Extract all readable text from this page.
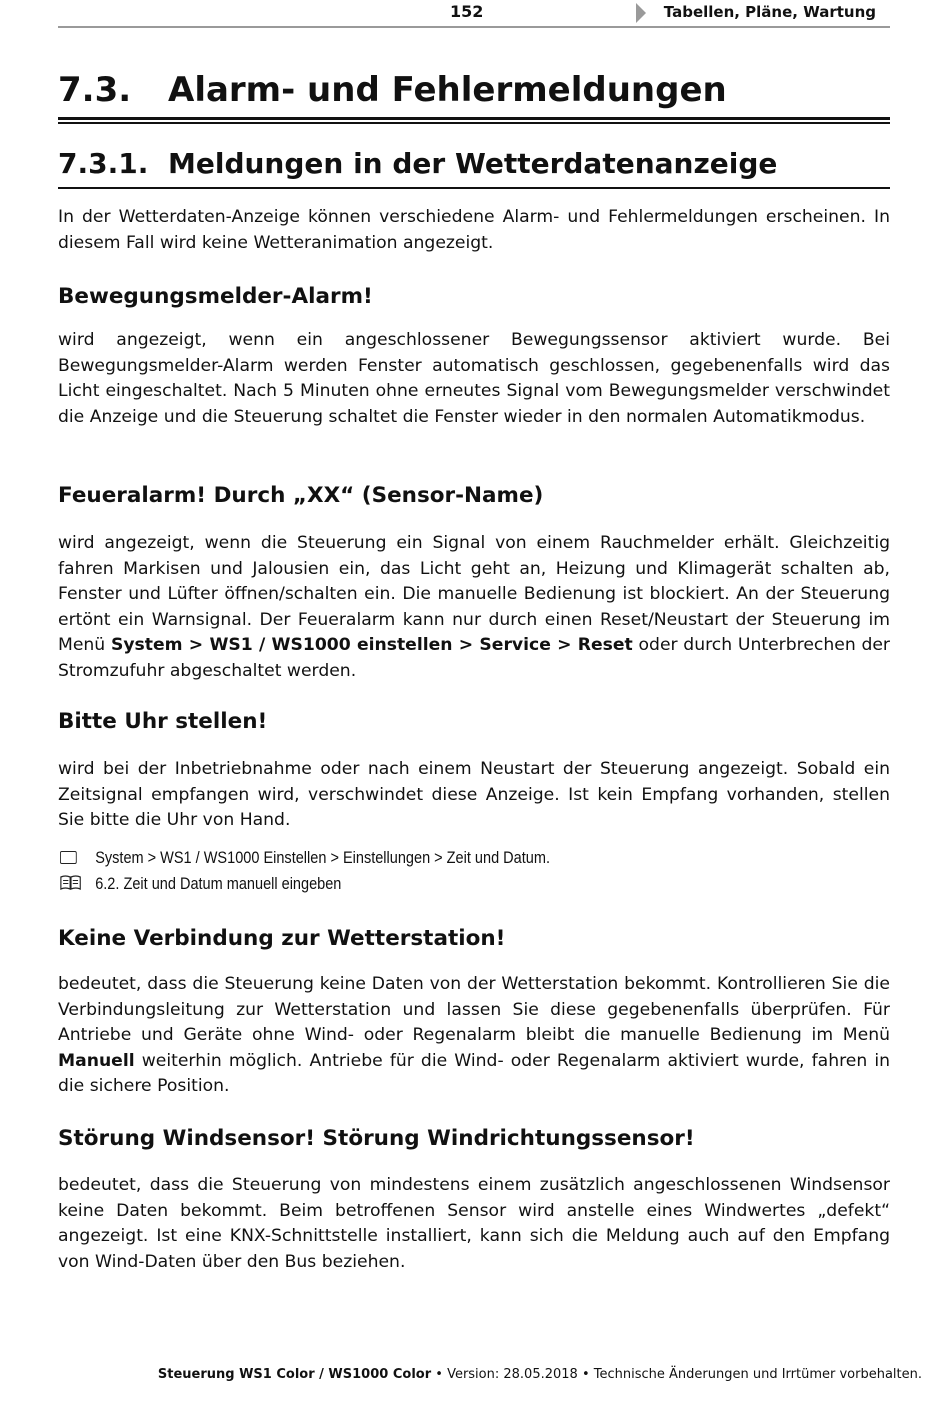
152	Tabellen, Pläne, Wartung
7.3. Alarm- und Fehlermeldungen
7.3.1. Meldungen in der Wetterdatenanzeige

In der Wetterdaten-Anzeige können verschiedene Alarm- und Fehlermeldungen erscheinen. In diesem Fall wird keine Wetteranimation angezeigt.

Bewegungsmelder-Alarm!

wird angezeigt, wenn ein angeschlossener Bewegungssensor aktiviert wurde. Bei Bewegungsmelder-Alarm werden Fenster automatisch geschlossen, gegebenenfalls wird das Licht eingeschaltet. Nach 5 Minuten ohne erneutes Signal vom Bewegungsmelder verschwindet die Anzeige und die Steuerung schaltet die Fenster wieder in den normalen Automatikmodus.

Feueralarm! Durch „XX“ (Sensor-Name)

wird angezeigt, wenn die Steuerung ein Signal von einem Rauchmelder erhält. Gleichzeitig fahren Markisen und Jalousien ein, das Licht geht an, Heizung und Klimagerät schalten ab, Fenster und Lüfter öffnen/schalten ein. Die manuelle Bedienung ist blockiert. An der Steuerung ertönt ein Warnsignal. Der Feueralarm kann nur durch einen Reset/Neustart der Steuerung im Menü System > WS1 / WS1000 einstellen > Service > Reset oder durch Unterbrechen der Stromzufuhr abgeschaltet werden.

Bitte Uhr stellen!

wird bei der Inbetriebnahme oder nach einem Neustart der Steuerung angezeigt. Sobald ein Zeitsignal empfangen wird, verschwindet diese Anzeige. Ist kein Empfang vorhanden, stellen Sie bitte die Uhr von Hand.

System > WS1 / WS1000 Einstellen > Einstellungen > Zeit und Datum.
6.2. Zeit und Datum manuell eingeben
Keine Verbindung zur Wetterstation!

bedeutet, dass die Steuerung keine Daten von der Wetterstation bekommt. Kontrollieren Sie die Verbindungsleitung zur Wetterstation und lassen Sie diese gegebenenfalls überprüfen. Für Antriebe und Geräte ohne Wind- oder Regenalarm bleibt die manuelle Bedienung im Menü Manuell weiterhin möglich. Antriebe für die Wind- oder Regenalarm aktiviert wurde, fahren in die sichere Position.

Störung Windsensor! Störung Windrichtungssensor!

bedeutet, dass die Steuerung von mindestens einem zusätzlich angeschlossenen Windsensor keine Daten bekommt. Beim betroffenen Sensor wird anstelle eines Windwertes „defekt“ angezeigt. Ist eine KNX-Schnittstelle installiert, kann sich die Meldung auch auf den Empfang von Wind-Daten über den Bus beziehen.

Steuerung WS1 Color / WS1000 Color • Version: 28.05.2018 • Technische Änderungen und Irrtümer vorbehalten.
